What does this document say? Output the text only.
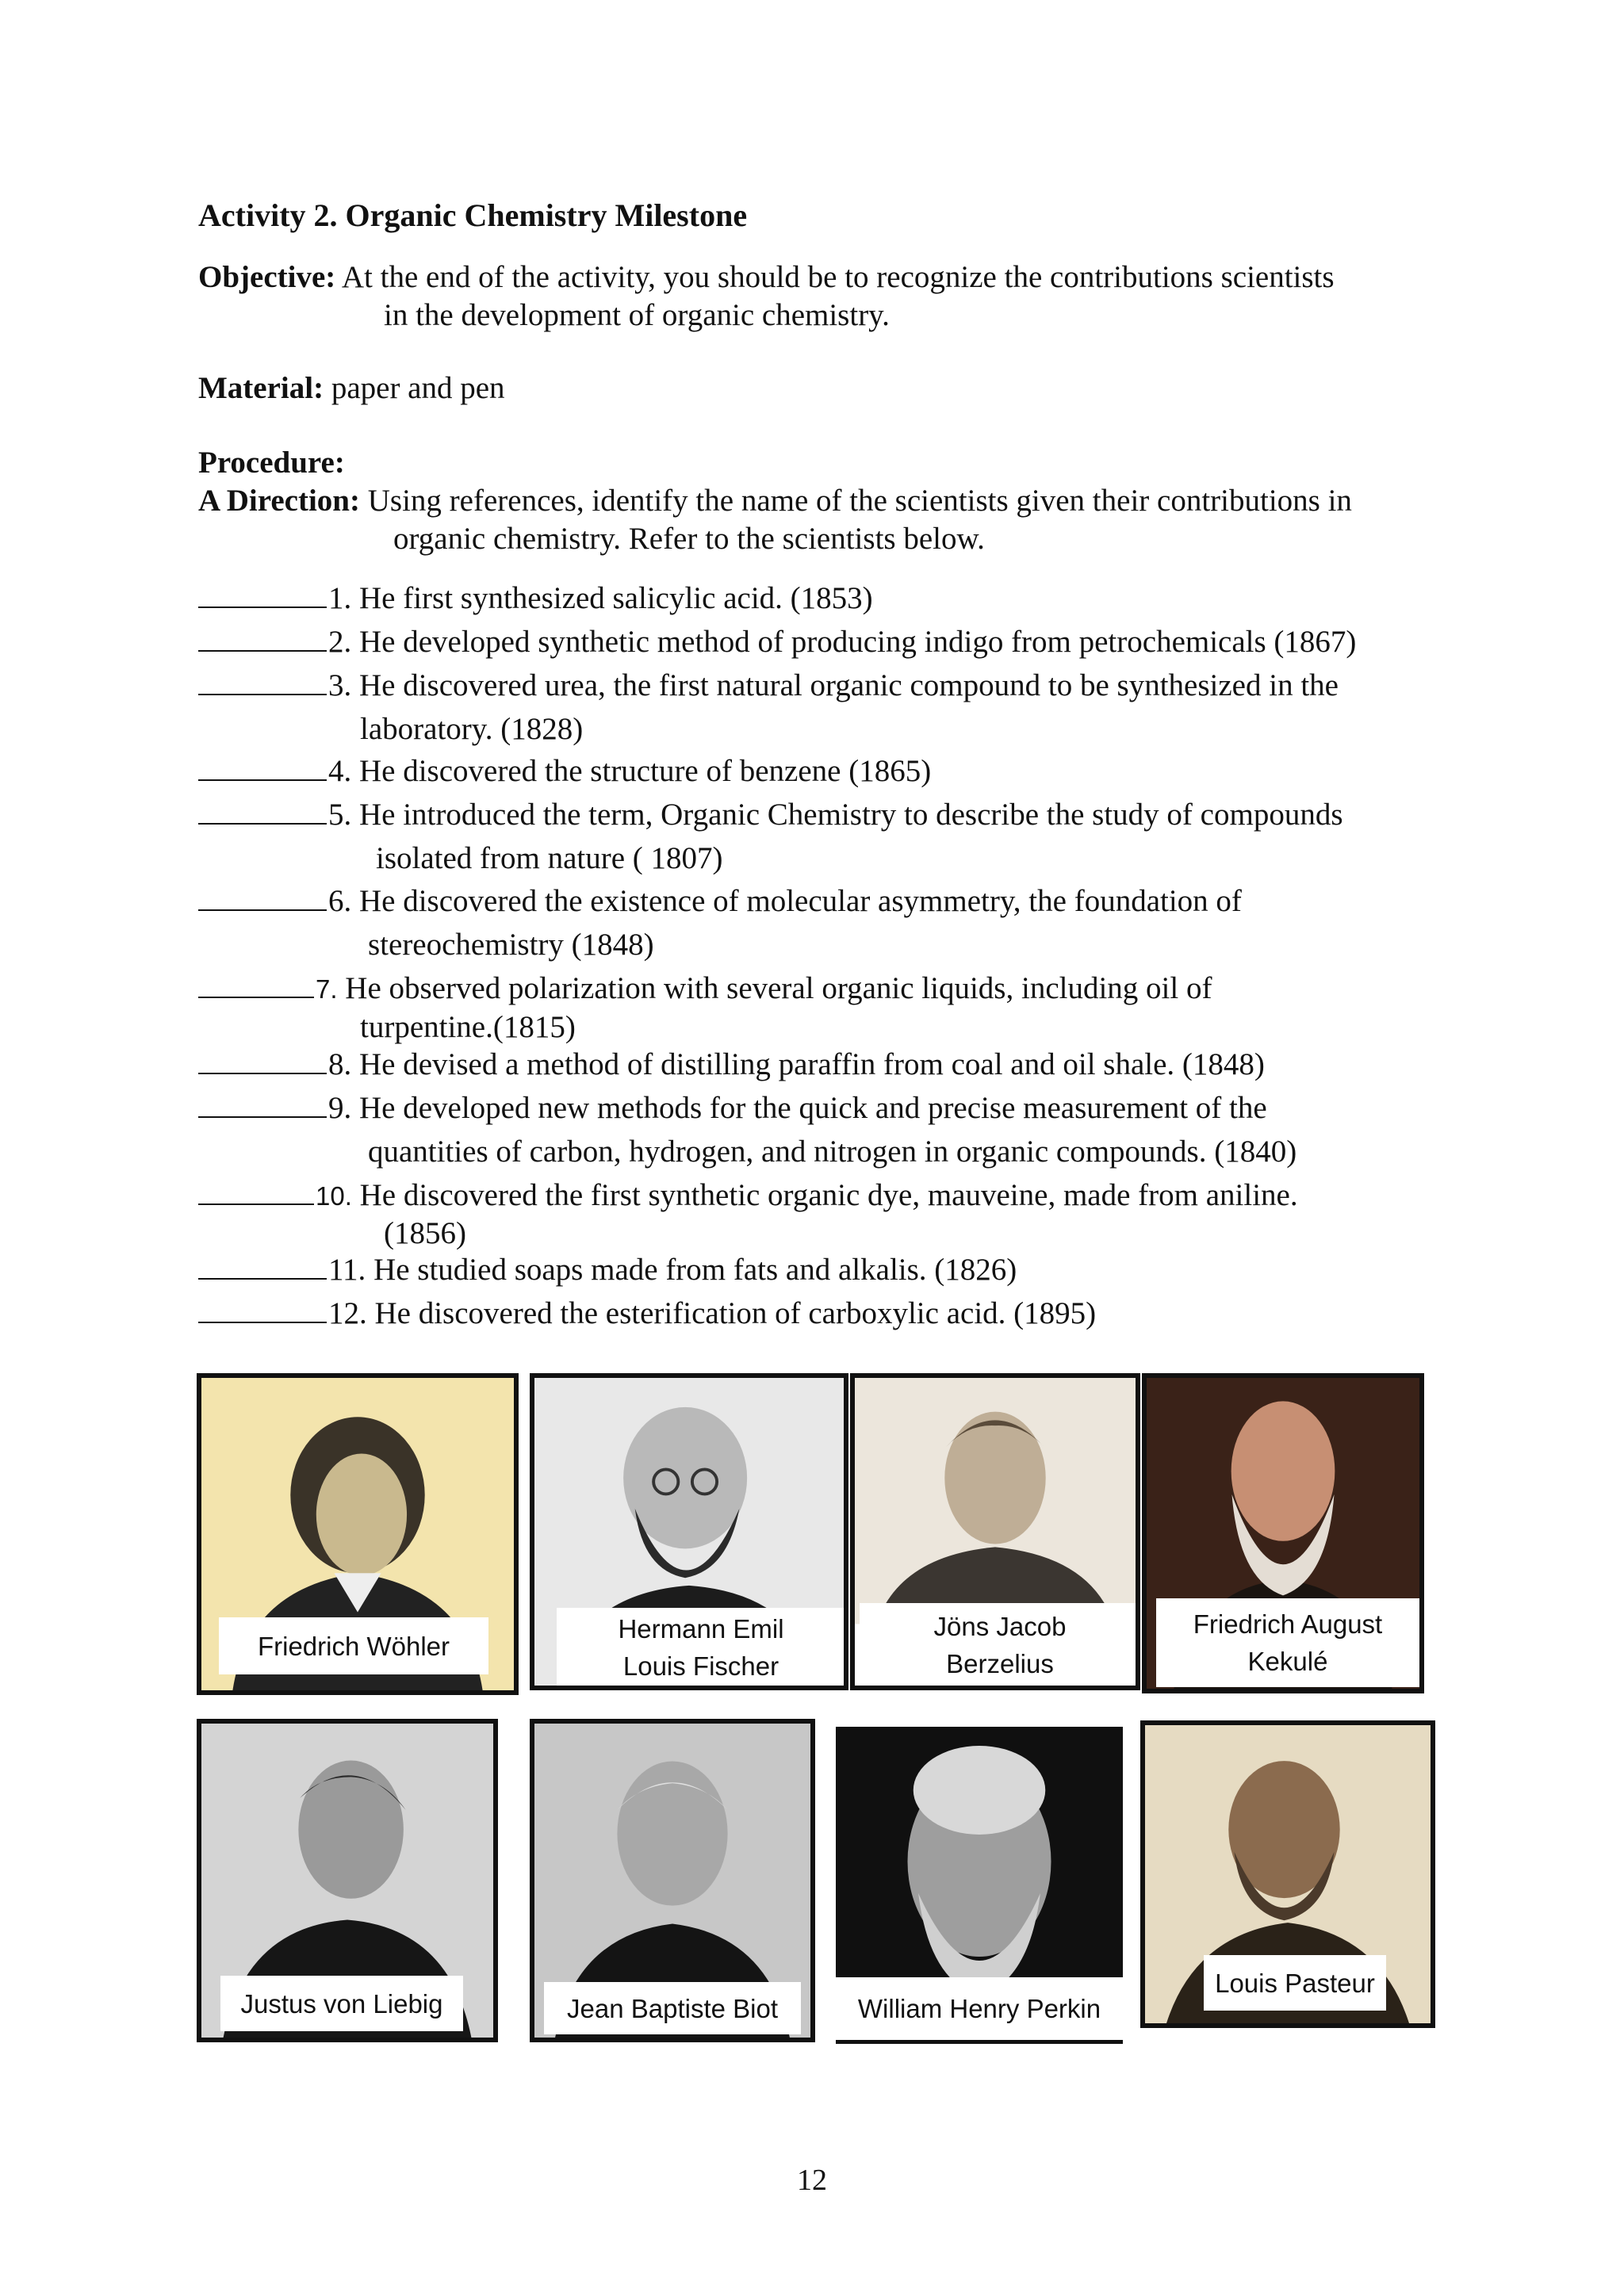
Activity 2. Organic Chemistry Milestone
Objective: At the end of the activity, you should be to recognize the contributions scientists
in the development of organic chemistry.
Material: paper and pen
Procedure:
A Direction: Using references, identify the name of the scientists given their contributions in
organic chemistry. Refer to the scientists below.
1. He first synthesized salicylic acid. (1853)
2. He developed synthetic method of producing indigo from petrochemicals (1867)
3. He discovered urea, the first natural organic compound to be synthesized in the
laboratory. (1828)
4. He discovered the structure of benzene (1865)
5. He introduced the term, Organic Chemistry to describe the study of compounds
isolated from nature ( 1807)
6. He discovered the existence of molecular asymmetry, the foundation of
stereochemistry (1848)
7. He observed polarization with several organic liquids, including oil of
turpentine.(1815)
8. He devised a method of distilling paraffin from coal and oil shale. (1848)
9. He developed new methods for the quick and precise measurement of the
quantities of carbon, hydrogen, and nitrogen in organic compounds. (1840)
10. He discovered the first synthetic organic dye, mauveine, made from aniline.
(1856)
11. He studied soaps made from fats and alkalis. (1826)
12. He discovered the esterification of carboxylic acid. (1895)
Friedrich Wöhler
Hermann Emil
Louis Fischer
Jöns Jacob
Berzelius
Friedrich August
Kekulé
Justus von Liebig	Jean Baptiste Biot	William Henry Perkin
Louis Pasteur
12
